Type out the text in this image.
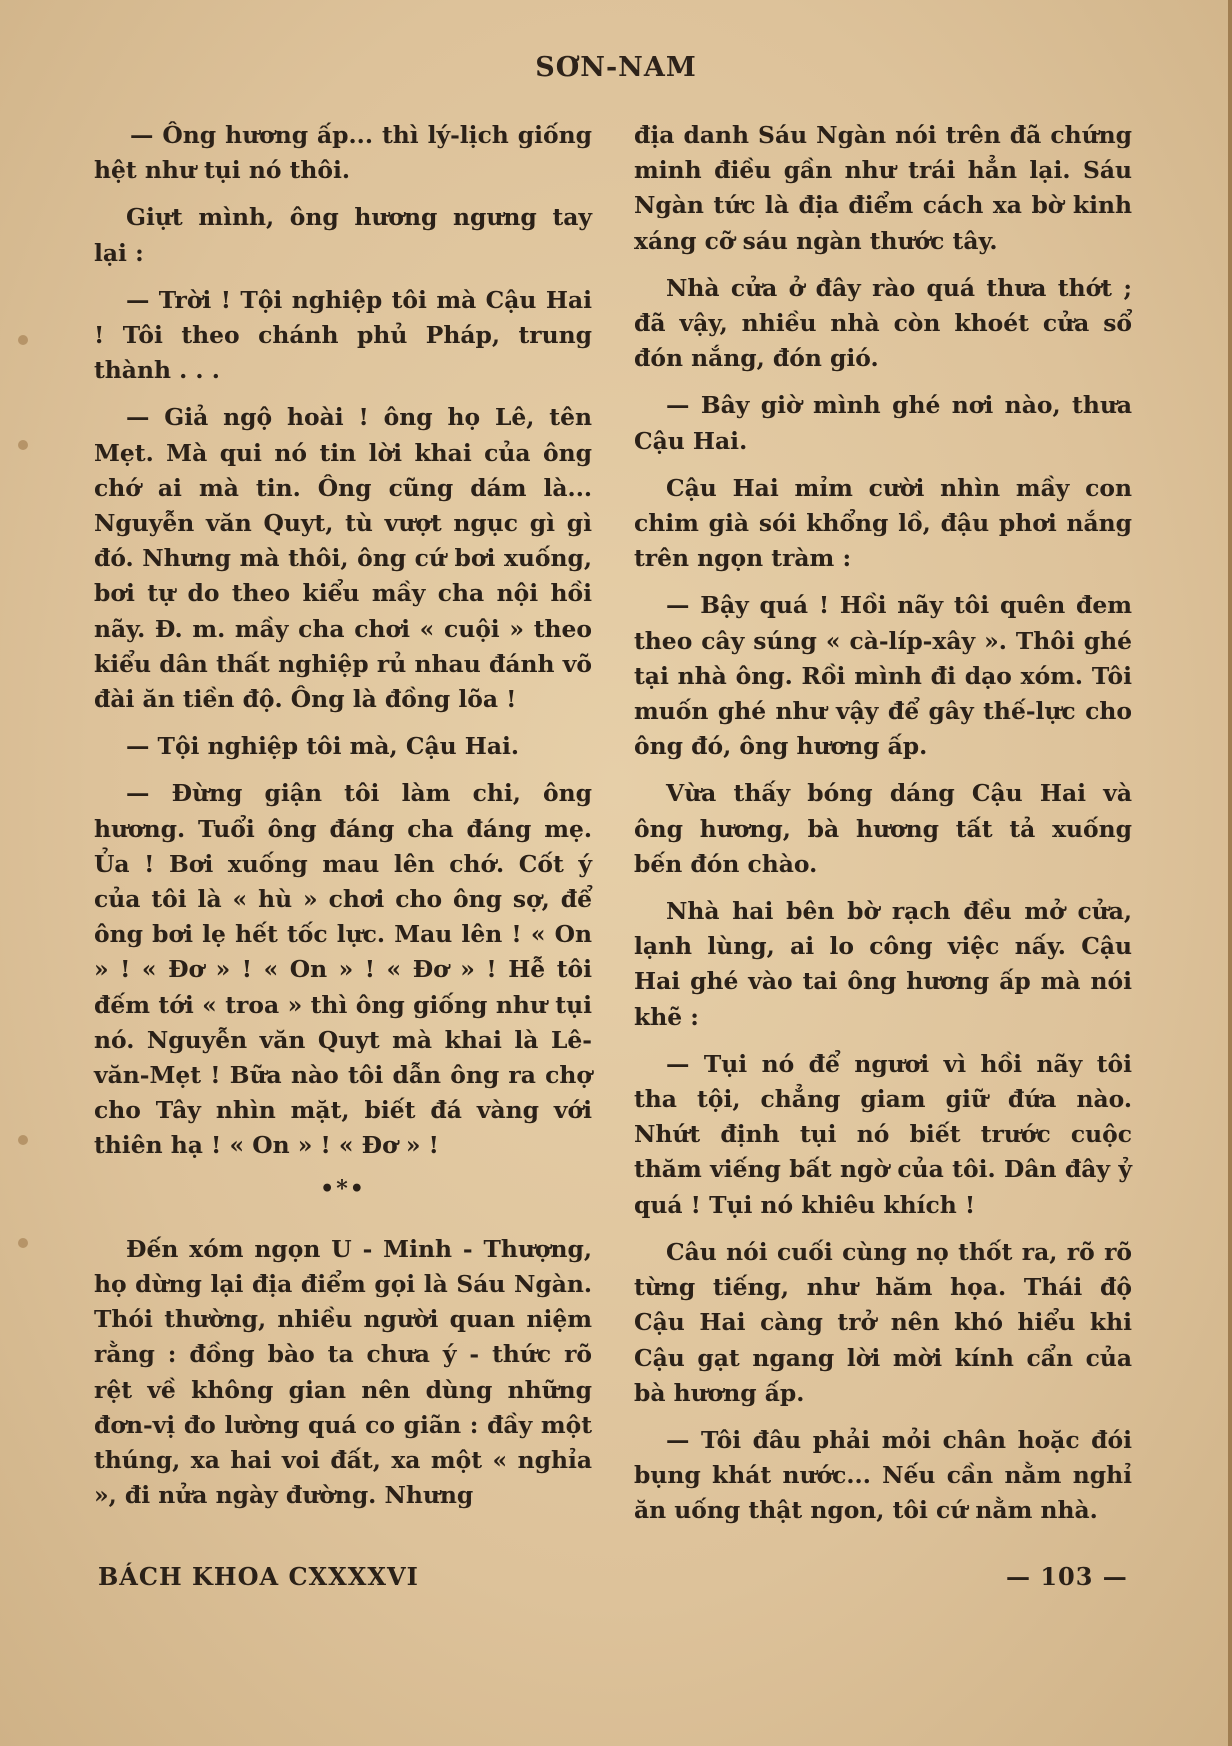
SƠN-NAM

— Ông hương ấp... thì lý-lịch giống hệt như tụi nó thôi.

Giựt mình, ông hương ngưng tay lại :

— Trời ! Tội nghiệp tôi mà Cậu Hai ! Tôi theo chánh phủ Pháp, trung thành . . .

— Giả ngộ hoài ! ông họ Lê, tên Mẹt. Mà qui nó tin lời khai của ông chớ ai mà tin. Ông cũng dám là... Nguyễn văn Quyt, tù vượt ngục gì gì đó. Nhưng mà thôi, ông cứ bơi xuống, bơi tự do theo kiểu mầy cha nội hồi nãy. Đ. m. mầy cha chơi « cuội » theo kiểu dân thất nghiệp rủ nhau đánh võ đài ăn tiền độ. Ông là đồng lõa !

— Tội nghiệp tôi mà, Cậu Hai.

— Đừng giận tôi làm chi, ông hương. Tuổi ông đáng cha đáng mẹ. Ủa ! Bơi xuống mau lên chớ. Cốt ý của tôi là « hù » chơi cho ông sợ, để ông bơi lẹ hết tốc lực. Mau lên ! « On » ! « Đơ » ! « On » ! « Đơ » ! Hễ tôi đếm tới « troa » thì ông giống như tụi nó. Nguyễn văn Quyt mà khai là Lê-văn-Mẹt ! Bữa nào tôi dẫn ông ra chợ cho Tây nhìn mặt, biết đá vàng với thiên hạ ! « On » ! « Đơ » !

•*•

Đến xóm ngọn U - Minh - Thượng, họ dừng lại địa điểm gọi là Sáu Ngàn. Thói thường, nhiều người quan niệm rằng : đồng bào ta chưa ý - thức rõ rệt về không gian nên dùng những đơn-vị đo lường quá co giãn : đầy một thúng, xa hai voi đất, xa một « nghỉa », đi nửa ngày đường. Nhưng

địa danh Sáu Ngàn nói trên đã chứng minh điều gần như trái hẳn lại. Sáu Ngàn tức là địa điểm cách xa bờ kinh xáng cỡ sáu ngàn thước tây.

Nhà cửa ở đây rào quá thưa thớt ; đã vậy, nhiều nhà còn khoét cửa sổ đón nắng, đón gió.

— Bây giờ mình ghé nơi nào, thưa Cậu Hai.

Cậu Hai mỉm cười nhìn mầy con chim già sói khổng lồ, đậu phơi nắng trên ngọn tràm :

— Bậy quá ! Hồi nãy tôi quên đem theo cây súng « cà-líp-xây ». Thôi ghé tại nhà ông. Rồi mình đi dạo xóm. Tôi muốn ghé như vậy để gây thế-lực cho ông đó, ông hương ấp.

Vừa thấy bóng dáng Cậu Hai và ông hương, bà hương tất tả xuống bến đón chào.

Nhà hai bên bờ rạch đều mở cửa, lạnh lùng, ai lo công việc nấy. Cậu Hai ghé vào tai ông hương ấp mà nói khẽ :

— Tụi nó để ngươi vì hồi nãy tôi tha tội, chẳng giam giữ đứa nào. Nhứt định tụi nó biết trước cuộc thăm viếng bất ngờ của tôi. Dân đây ỷ quá ! Tụi nó khiêu khích !

Câu nói cuối cùng nọ thốt ra, rõ rõ từng tiếng, như hăm họa. Thái độ Cậu Hai càng trở nên khó hiểu khi Cậu gạt ngang lời mời kính cẩn của bà hương ấp.

— Tôi đâu phải mỏi chân hoặc đói bụng khát nước... Nếu cần nằm nghỉ ăn uống thật ngon, tôi cứ nằm nhà.

BÁCH KHOA CXXXXVI	— 103 —
